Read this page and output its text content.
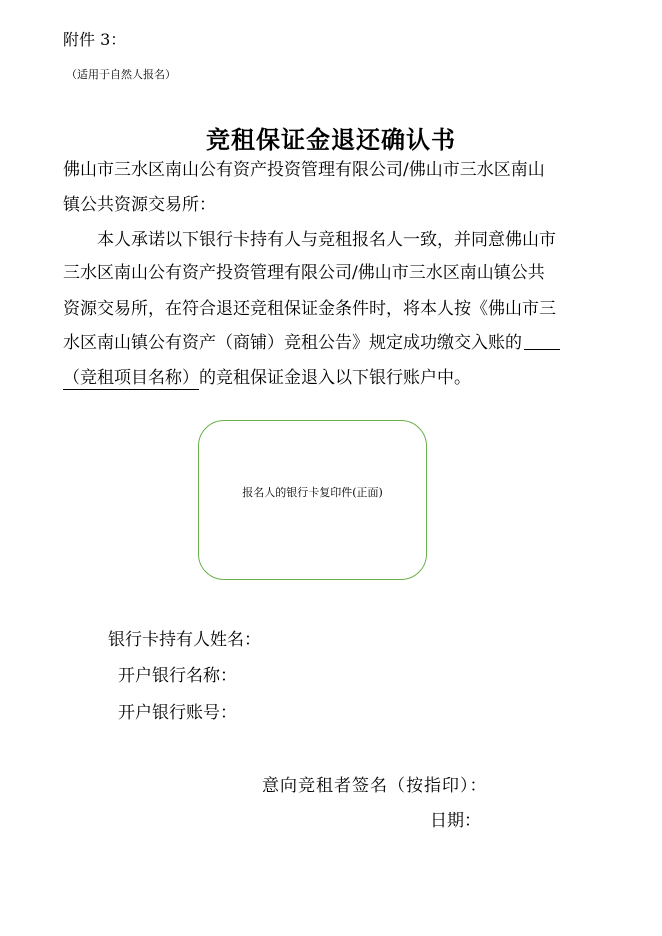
附件 3：
（适用于自然人报名）
竞租保证金退还确认书
佛山市三水区南山公有资产投资管理有限公司/佛山市三水区南山
镇公共资源交易所：
本人承诺以下银行卡持有人与竞租报名人一致，并同意佛山市
三水区南山公有资产投资管理有限公司/佛山市三水区南山镇公共
资源交易所，在符合退还竞租保证金条件时，将本人按《佛山市三
水区南山镇公有资产（商铺）竞租公告》规定成功缴交入账的
（竞租项目名称）的竞租保证金退入以下银行账户中。
报名人的银行卡复印件(正面)
银行卡持有人姓名：
开户银行名称：
开户银行账号：
意向竞租者签名（按指印）：
日期：
